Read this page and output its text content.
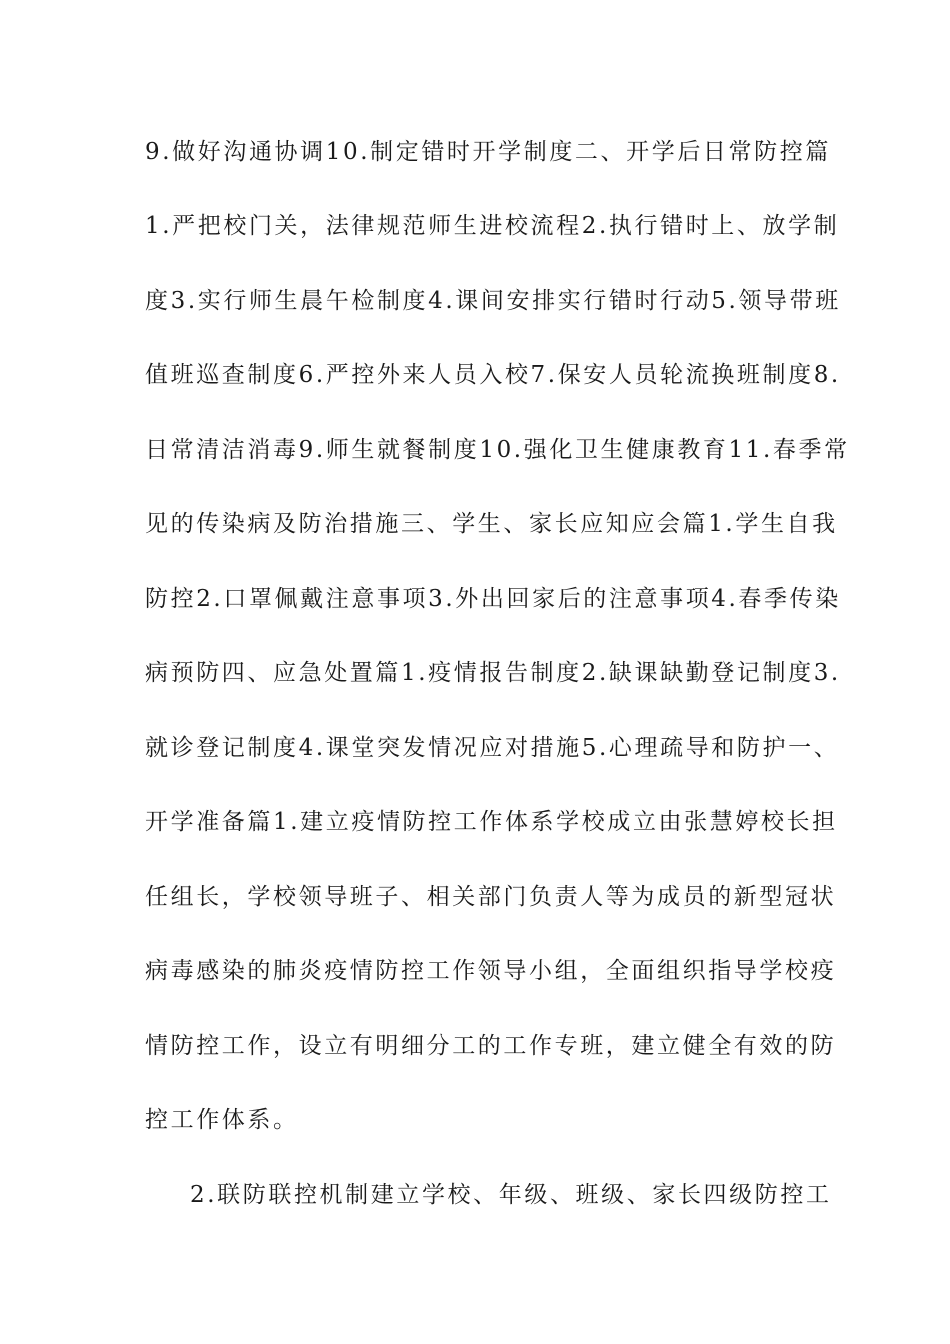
9.做好沟通协调10.制定错时开学制度二、开学后日常防控篇
1.严把校门关，法律规范师生进校流程2.执行错时上、放学制
度3.实行师生晨午检制度4.课间安排实行错时行动5.领导带班
值班巡查制度6.严控外来人员入校7.保安人员轮流换班制度8.
日常清洁消毒9.师生就餐制度10.强化卫生健康教育11.春季常
见的传染病及防治措施三、学生、家长应知应会篇1.学生自我
防控2.口罩佩戴注意事项3.外出回家后的注意事项4.春季传染
病预防四、应急处置篇1.疫情报告制度2.缺课缺勤登记制度3.
就诊登记制度4.课堂突发情况应对措施5.心理疏导和防护一、
开学准备篇1.建立疫情防控工作体系学校成立由张慧婷校长担
任组长，学校领导班子、相关部门负责人等为成员的新型冠状
病毒感染的肺炎疫情防控工作领导小组，全面组织指导学校疫
情防控工作，设立有明细分工的工作专班，建立健全有效的防
控工作体系。
2.联防联控机制建立学校、年级、班级、家长四级防控工
